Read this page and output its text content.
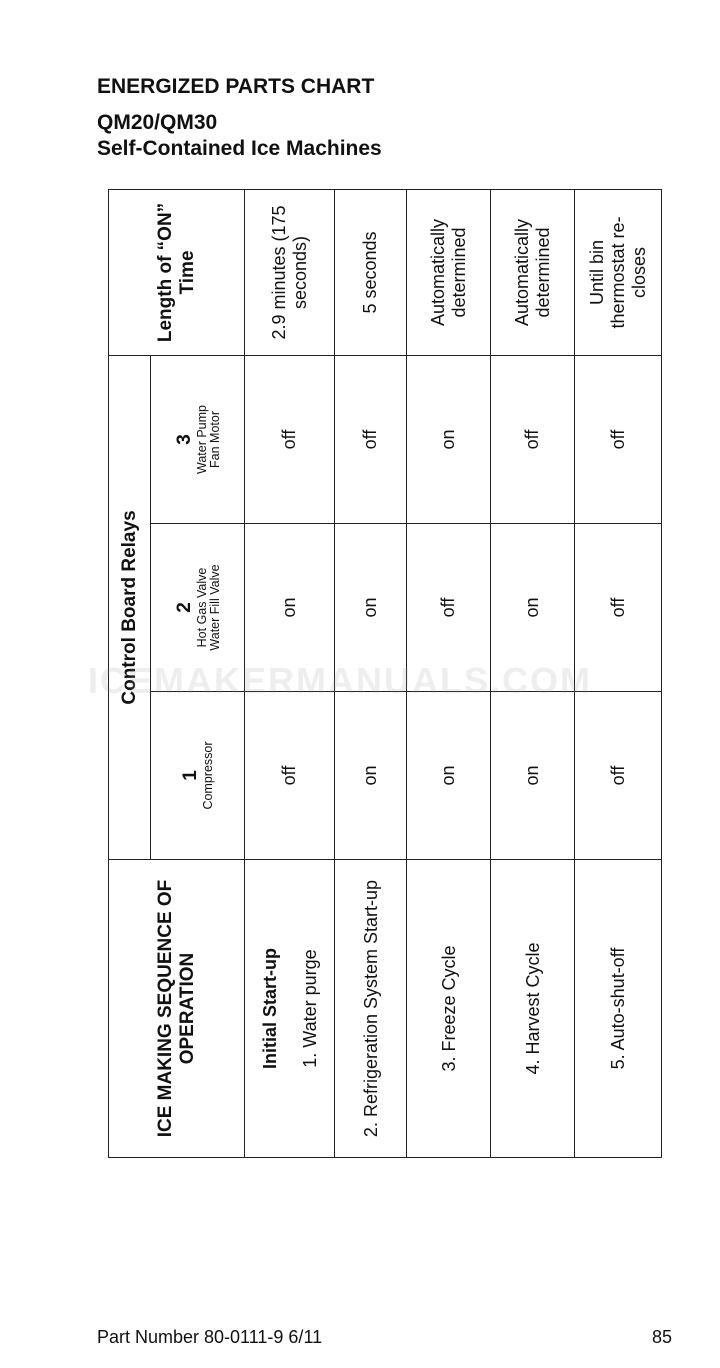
ENERGIZED PARTS CHART
QM20/QM30
Self-Contained Ice Machines
ICE MAKING SEQUENCE OF OPERATION	Control Board Relays			Length of “ON” Time

	1 Compressor	2 Hot Gas Valve Water Fill Valve	3 Water Pump Fan Motor	

Initial Start-up 1. Water purge	off	on	off	2.9 minutes (175 seconds)
2. Refrigeration System Start-up	on	on	off	5 seconds
3. Freeze Cycle	on	off	on	Automatically determined
4. Harvest Cycle	on	on	off	Automatically determined
5. Auto-shut-off	off	off	off	Until bin thermostat re-closes
ICEMAKERMANUALS.COM

Part Number 80-0111-9 6/11	85
